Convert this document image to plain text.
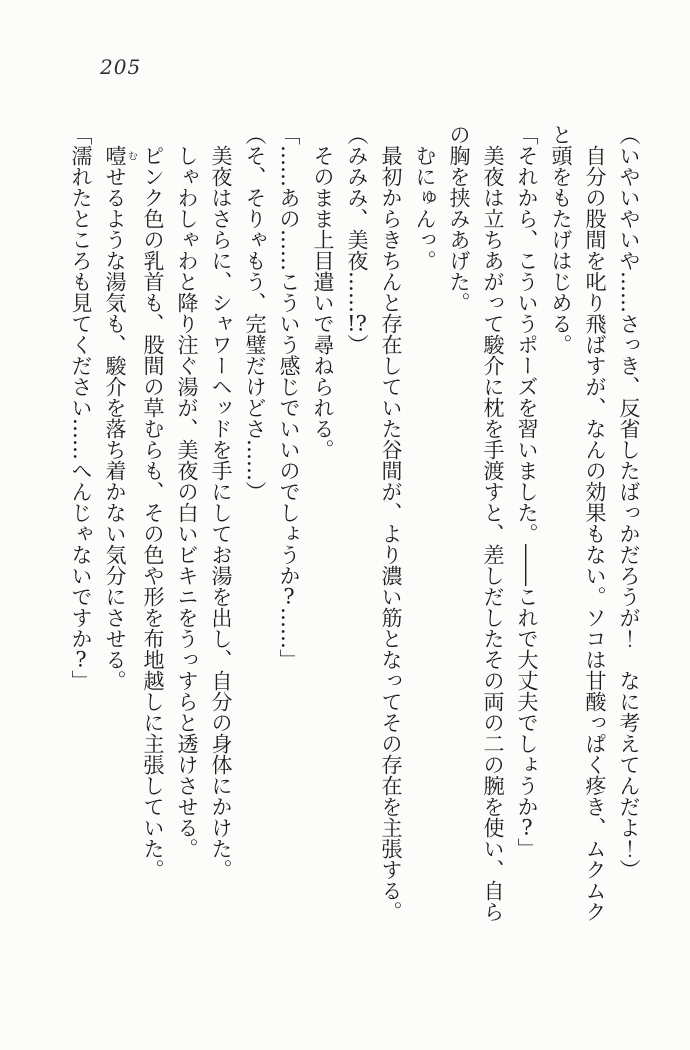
205

（いやいやいや……さっき、反省したばっかだろうが！　なに考えてんだよ！）

　自分の股間を叱り飛ばすが、なんの効果もない。ソコは甘酸っぱく疼き、ムクムクと頭をもたげはじめる。

「それから、こういうポーズを習いました。――これで大丈夫でしょうか?」

　美夜は立ちあがって駿介に枕を手渡すと、差しだしたその両の二の腕を使い、自らの胸を挟みあげた。

　むにゅんっ。

　最初からきちんと存在していた谷間が、より濃い筋となってその存在を主張する。

（みみみ、美夜……!?）

　そのまま上目遣いで尋ねられる。

「……あの……こういう感じでいいのでしょうか?……」

（そ、そりゃもう、完璧だけどさ……）

　美夜はさらに、シャワーヘッドを手にしてお湯を出し、自分の身体にかけた。

　しゃわしゃわと降り注ぐ湯が、美夜の白いビキニをうっすらと透けさせる。

　ピンク色の乳首も、股間の草むらも、その色や形を布地越しに主張していた。

　噎むせるような湯気も、駿介を落ち着かない気分にさせる。

「濡れたところも見てください……へんじゃないですか?」
